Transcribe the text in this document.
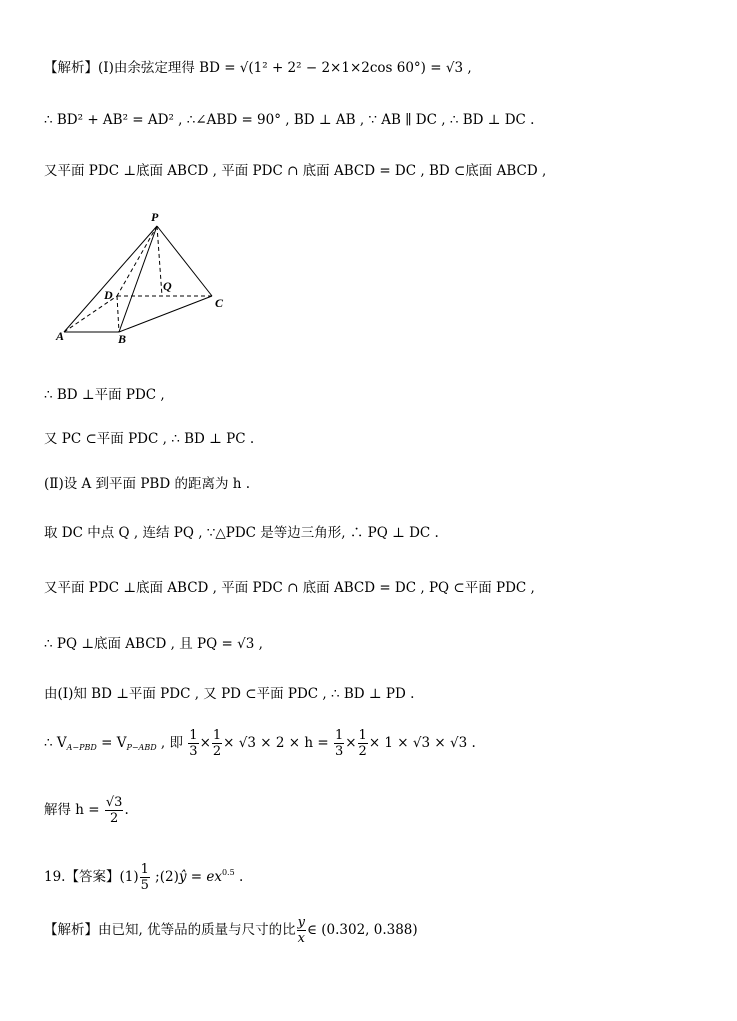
【解析】(Ⅰ)由余弦定理得 BD = √(1² + 2² − 2×1×2cos 60°) = √3 ,
∴ BD² + AB² = AD² , ∴∠ABD = 90° , BD ⊥ AB , ∵ AB ∥ DC , ∴ BD ⊥ DC .
又平面 PDC ⊥底面 ABCD , 平面 PDC ∩ 底面 ABCD = DC , BD ⊂底面 ABCD ,
P
D
Q
C
A	B
∴ BD ⊥平面 PDC ,
又 PC ⊂平面 PDC , ∴ BD ⊥ PC .
(Ⅱ)设 A 到平面 PBD 的距离为 h .
取 DC 中点 Q , 连结 PQ , ∵△PDC 是等边三角形, ∴ PQ ⊥ DC .
又平面 PDC ⊥底面 ABCD , 平面 PDC ∩ 底面 ABCD = DC , PQ ⊂平面 PDC ,
∴ PQ ⊥底面 ABCD , 且 PQ = √3 ,
由(Ⅰ)知 BD ⊥平面 PDC , 又 PD ⊂平面 PDC , ∴ BD ⊥ PD .
∴ $V_{A-PBD} = V_{P-ABD}$ , 即 $\frac{1}{3} \times \frac{1}{2} \times √3 \times 2 \times h = \frac{1}{3} \times \frac{1}{2} \times 1 \times √3 \times √3$ .
解得 $h = \frac{√3}{2}$ .
19.【答案】$(1) \frac{1}{5}$ ;(2)ŷ = $ex^{0.5}$ .
【解析】由已知, 优等品的质量与尺寸的比 $\frac{y}{x}$ ∈ (0.302, 0.388)
